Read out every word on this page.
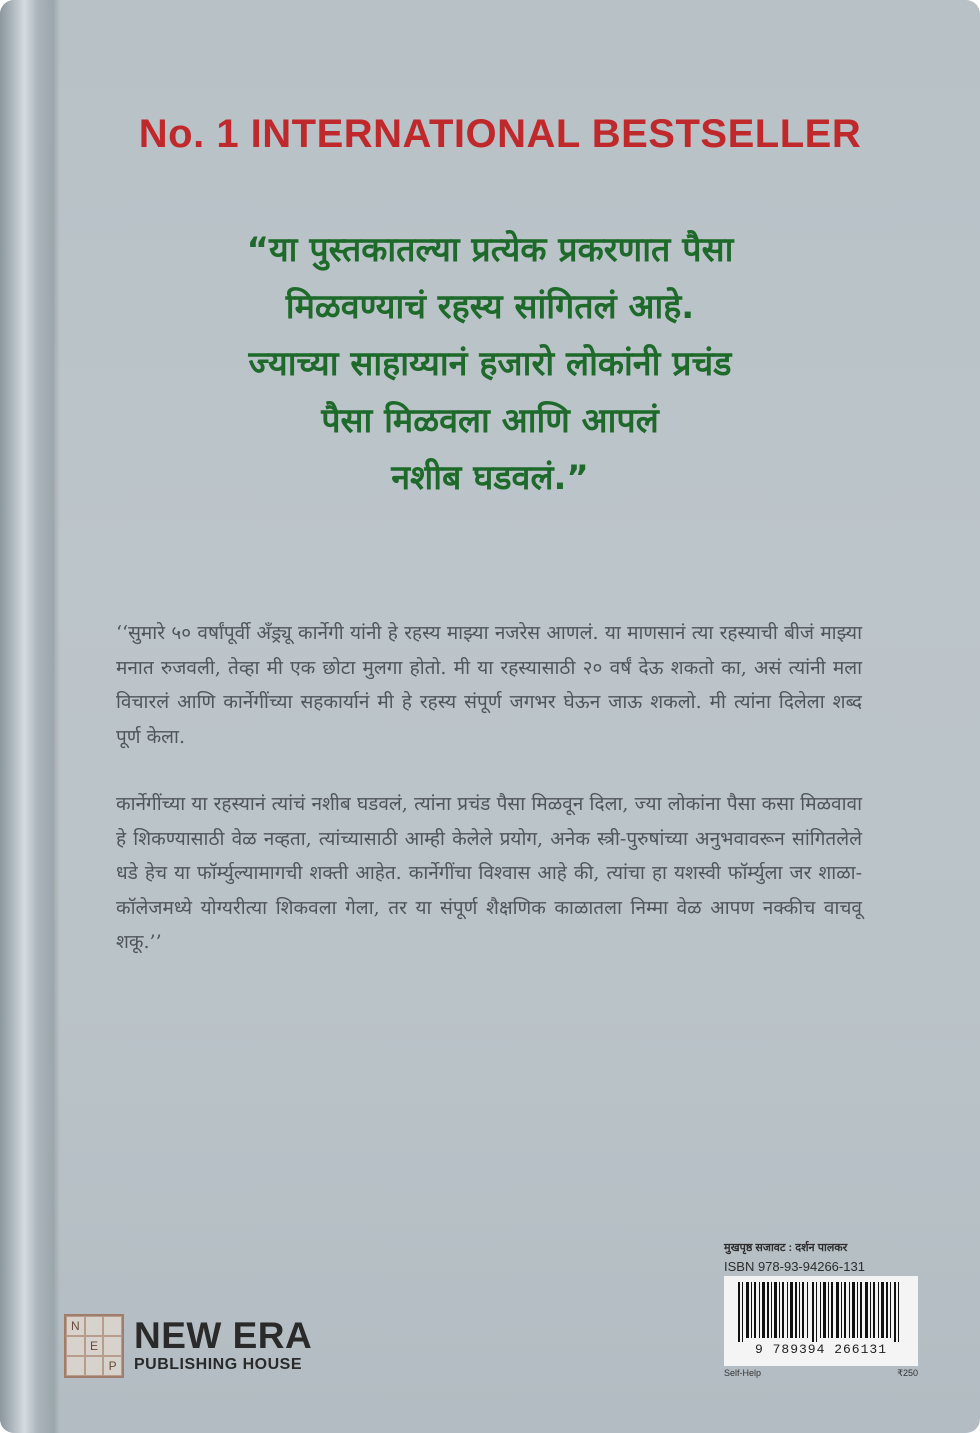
No. 1 INTERNATIONAL BESTSELLER
“या पुस्तकातल्या प्रत्येक प्रकरणात पैसा
मिळवण्याचं रहस्य सांगितलं आहे.
ज्याच्या साहाय्यानं हजारो लोकांनी प्रचंड
पैसा मिळवला आणि आपलं
नशीब घडवलं.”

‘‘सुमारे ५० वर्षांपूर्वी अँड्र्यू कार्नेगी यांनी हे रहस्य माझ्या नजरेस आणलं. या माणसानं त्या रहस्याची बीजं माझ्या मनात रुजवली, तेव्हा मी एक छोटा मुलगा होतो. मी या रहस्यासाठी २० वर्षं देऊ शकतो का, असं त्यांनी मला विचारलं आणि कार्नेगींच्या सहकार्यानं मी हे रहस्य संपूर्ण जगभर घेऊन जाऊ शकलो. मी त्यांना दिलेला शब्द पूर्ण केला.

कार्नेगींच्या या रहस्यानं त्यांचं नशीब घडवलं, त्यांना प्रचंड पैसा मिळवून दिला, ज्या लोकांना पैसा कसा मिळवावा हे शिकण्यासाठी वेळ नव्हता, त्यांच्यासाठी आम्ही केलेले प्रयोग, अनेक स्त्री-पुरुषांच्या अनुभवावरून सांगितलेले धडे हेच या फॉर्म्युल्यामागची शक्ती आहेत. कार्नेगींचा विश्वास आहे की, त्यांचा हा यशस्वी फॉर्म्युला जर शाळा-कॉलेजमध्ये योग्यरीत्या शिकवला गेला, तर या संपूर्ण शैक्षणिक काळातला निम्मा वेळ आपण नक्कीच वाचवू शकू.’’

मुखपृष्ठ सजावट : दर्शन पालकर
ISBN 978-93-94266-131
9 789394 266131
Self-Help	₹250
N
E
P
NEW ERA
PUBLISHING HOUSE
